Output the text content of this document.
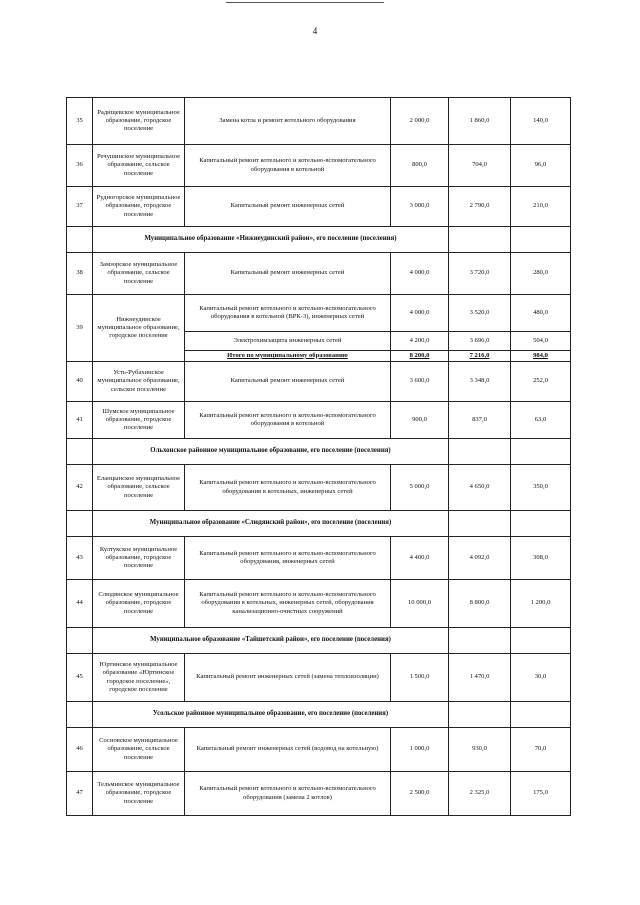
4
35	Радищевское муниципальное образование, городское поселение	Замена котла и ремонт котельного оборудования	2 000,0	1 860,0	140,0
36	Речушинское муниципальное образование, сельское поселение	Капитальный ремонт котельного и котельно-вспомогательного оборудования в котельной	800,0	704,0	96,0
37	Рудногорское муниципальное образование, городское поселение	Капитальный ремонт инженерных сетей	3 000,0	2 790,0	210,0
	Муниципальное образование «Нижнеудинский район», его поселение (поселения)				
38	Замзорское муниципальное образование, сельское поселение	Капитальный ремонт инженерных сетей	4 000,0	3 720,0	280,0
39	Нижнеудинское муниципальное образование, городское поселение	Капитальный ремонт котельного и котельно-вспомогательного оборудования в котельной (ВРК-3), инженерных сетей	4 000,0	3 520,0	480,0
		Электрохимзащита инженерных сетей	4 200,0	3 696,0	504,0
		Итого по муниципальному образованию	8 200,0	7 216,0	984,0
40	Усть-Рубахинское муниципальное образование, сельское поселение	Капитальный ремонт инженерных сетей	3 600,0	3 348,0	252,0
41	Шумское муниципальное образование, городское поселение	Капитальный ремонт котельного и котельно-вспомогательного оборудования в котельной	900,0	837,0	63,0
	Ольхонское районное муниципальное образование, его поселение (поселения)				
42	Еланцынское муниципальное образование, сельское поселение	Капитальный ремонт котельного и котельно-вспомогательного оборудования в котельных, инженерных сетей	5 000,0	4 650,0	350,0
	Муниципальное образование «Слюдянский район», его поселение (поселения)				
43	Култукское муниципальное образование, городское поселение	Капитальный ремонт котельного и котельно-вспомогательного оборудования, инженерных сетей	4 400,0	4 092,0	308,0
44	Слюдянское муниципальное образование, городское поселение	Капитальный ремонт котельного и котельно-вспомогательного оборудования в котельных, инженерных сетей, оборудования канализационно-очистных сооружений	10 000,0	8 800,0	1 200,0
	Муниципальное образование «Тайшетский район», его поселение (поселения)				
45	Юртинское муниципальное образование «Юртинское городское поселение», городское поселение	Капитальный ремонт инженерных сетей (замена теплоизоляции)	1 500,0	1 470,0	30,0
	Усольское районное муниципальное образование, его поселение (поселения)				
46	Сосновское муниципальное образование, сельское поселение	Капитальный ремонт инженерных сетей (водовод на котельную)	1 000,0	930,0	70,0
47	Тельминское муниципальное образование, городское поселение	Капитальный ремонт котельного и котельно-вспомогательного оборудования (замена 2 котлов)	2 500,0	2 325,0	175,0
